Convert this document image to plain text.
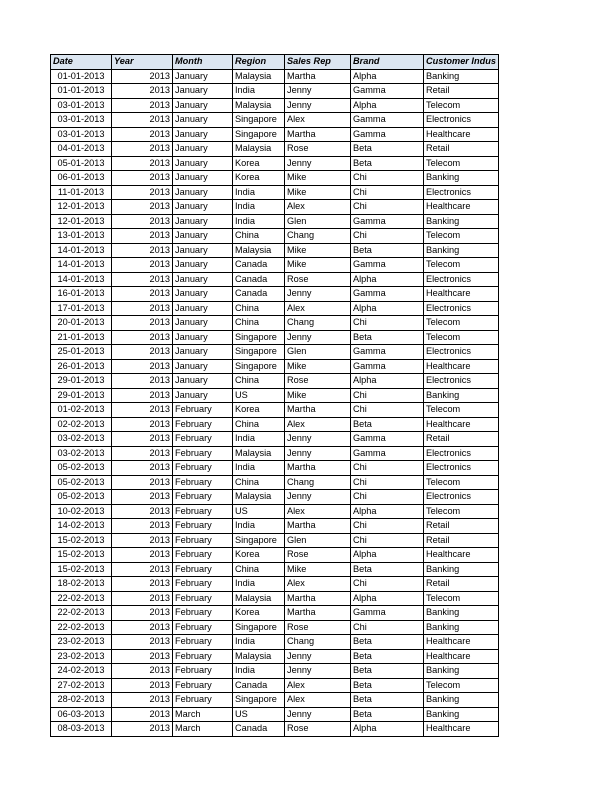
Date	Year	Month	Region	Sales Rep	Brand	Customer Indus
01-01-2013	2013	January	Malaysia	Martha	Alpha	Banking
01-01-2013	2013	January	India	Jenny	Gamma	Retail
03-01-2013	2013	January	Malaysia	Jenny	Alpha	Telecom
03-01-2013	2013	January	Singapore	Alex	Gamma	Electronics
03-01-2013	2013	January	Singapore	Martha	Gamma	Healthcare
04-01-2013	2013	January	Malaysia	Rose	Beta	Retail
05-01-2013	2013	January	Korea	Jenny	Beta	Telecom
06-01-2013	2013	January	Korea	Mike	Chi	Banking
11-01-2013	2013	January	India	Mike	Chi	Electronics
12-01-2013	2013	January	India	Alex	Chi	Healthcare
12-01-2013	2013	January	India	Glen	Gamma	Banking
13-01-2013	2013	January	China	Chang	Chi	Telecom
14-01-2013	2013	January	Malaysia	Mike	Beta	Banking
14-01-2013	2013	January	Canada	Mike	Gamma	Telecom
14-01-2013	2013	January	Canada	Rose	Alpha	Electronics
16-01-2013	2013	January	Canada	Jenny	Gamma	Healthcare
17-01-2013	2013	January	China	Alex	Alpha	Electronics
20-01-2013	2013	January	China	Chang	Chi	Telecom
21-01-2013	2013	January	Singapore	Jenny	Beta	Telecom
25-01-2013	2013	January	Singapore	Glen	Gamma	Electronics
26-01-2013	2013	January	Singapore	Mike	Gamma	Healthcare
29-01-2013	2013	January	China	Rose	Alpha	Electronics
29-01-2013	2013	January	US	Mike	Chi	Banking
01-02-2013	2013	February	Korea	Martha	Chi	Telecom
02-02-2013	2013	February	China	Alex	Beta	Healthcare
03-02-2013	2013	February	India	Jenny	Gamma	Retail
03-02-2013	2013	February	Malaysia	Jenny	Gamma	Electronics
05-02-2013	2013	February	India	Martha	Chi	Electronics
05-02-2013	2013	February	China	Chang	Chi	Telecom
05-02-2013	2013	February	Malaysia	Jenny	Chi	Electronics
10-02-2013	2013	February	US	Alex	Alpha	Telecom
14-02-2013	2013	February	India	Martha	Chi	Retail
15-02-2013	2013	February	Singapore	Glen	Chi	Retail
15-02-2013	2013	February	Korea	Rose	Alpha	Healthcare
15-02-2013	2013	February	China	Mike	Beta	Banking
18-02-2013	2013	February	India	Alex	Chi	Retail
22-02-2013	2013	February	Malaysia	Martha	Alpha	Telecom
22-02-2013	2013	February	Korea	Martha	Gamma	Banking
22-02-2013	2013	February	Singapore	Rose	Chi	Banking
23-02-2013	2013	February	India	Chang	Beta	Healthcare
23-02-2013	2013	February	Malaysia	Jenny	Beta	Healthcare
24-02-2013	2013	February	India	Jenny	Beta	Banking
27-02-2013	2013	February	Canada	Alex	Beta	Telecom
28-02-2013	2013	February	Singapore	Alex	Beta	Banking
06-03-2013	2013	March	US	Jenny	Beta	Banking
08-03-2013	2013	March	Canada	Rose	Alpha	Healthcare
